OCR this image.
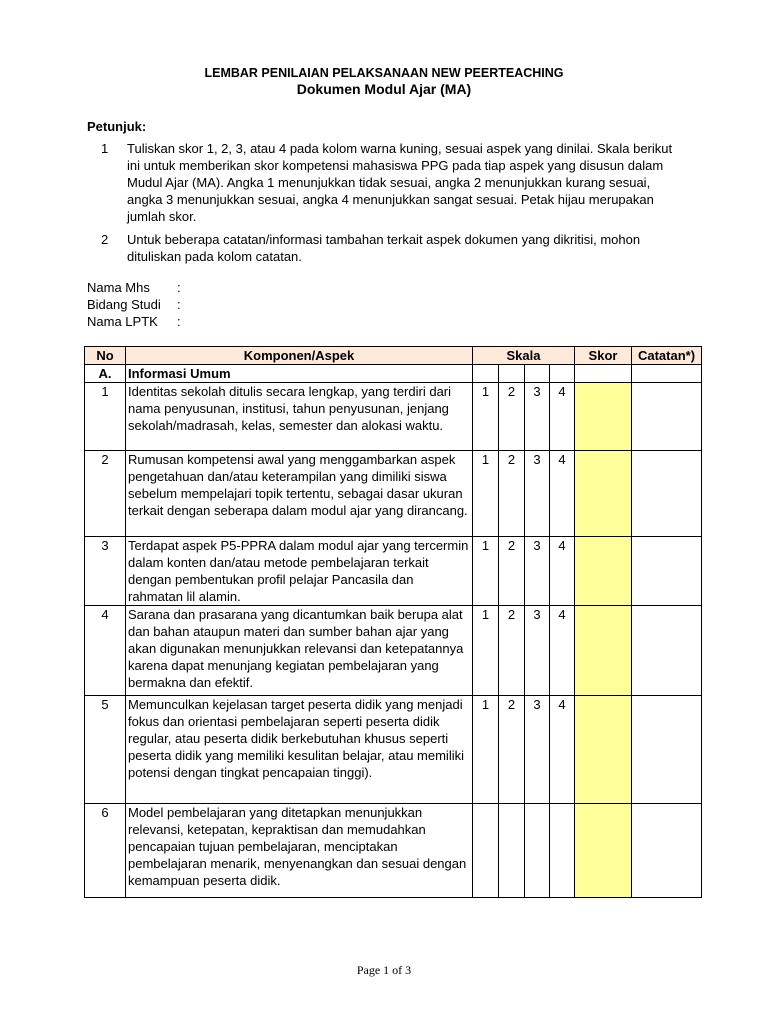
LEMBAR PENILAIAN PELAKSANAAN NEW PEERTEACHING
Dokumen Modul Ajar (MA)
Petunjuk:
1 Tuliskan skor 1, 2, 3, atau 4 pada kolom warna kuning, sesuai aspek yang dinilai. Skala berikut ini untuk memberikan skor kompetensi mahasiswa PPG pada tiap aspek yang disusun dalam Mudul Ajar (MA). Angka 1 menunjukkan tidak sesuai, angka 2 menunjukkan kurang sesuai, angka 3 menunjukkan sesuai, angka 4 menunjukkan sangat sesuai. Petak hijau merupakan jumlah skor.
2 Untuk beberapa catatan/informasi tambahan terkait aspek dokumen yang dikritisi, mohon dituliskan pada kolom catatan.
Nama Mhs :
Bidang Studi :
Nama LPTK :
No	Komponen/Aspek	Skala				Skor	Catatan*)
A.	Informasi Umum						
1	Identitas sekolah ditulis secara lengkap, yang terdiri dari nama penyusunan, institusi, tahun penyusunan, jenjang sekolah/madrasah, kelas, semester dan alokasi waktu.	1	2	3	4		
2	Rumusan kompetensi awal yang menggambarkan aspek pengetahuan dan/atau keterampilan yang dimiliki siswa sebelum mempelajari topik tertentu, sebagai dasar ukuran terkait dengan seberapa dalam modul ajar yang dirancang.	1	2	3	4		
3	Terdapat aspek P5-PPRA dalam modul ajar yang tercermin dalam konten dan/atau metode pembelajaran terkait dengan pembentukan profil pelajar Pancasila dan rahmatan lil alamin.	1	2	3	4		
4	Sarana dan prasarana yang dicantumkan baik berupa alat dan bahan ataupun materi dan sumber bahan ajar yang akan digunakan menunjukkan relevansi dan ketepatannya karena dapat menunjang kegiatan pembelajaran yang bermakna dan efektif.	1	2	3	4		
5	Memunculkan kejelasan target peserta didik yang menjadi fokus dan orientasi pembelajaran seperti peserta didik regular, atau peserta didik berkebutuhan khusus seperti peserta didik yang memiliki kesulitan belajar, atau memiliki potensi dengan tingkat pencapaian tinggi).	1	2	3	4		
6	Model pembelajaran yang ditetapkan menunjukkan relevansi, ketepatan, kepraktisan dan memudahkan pencapaian tujuan pembelajaran, menciptakan pembelajaran menarik, menyenangkan dan sesuai dengan kemampuan peserta didik.						
Page 1 of 3
